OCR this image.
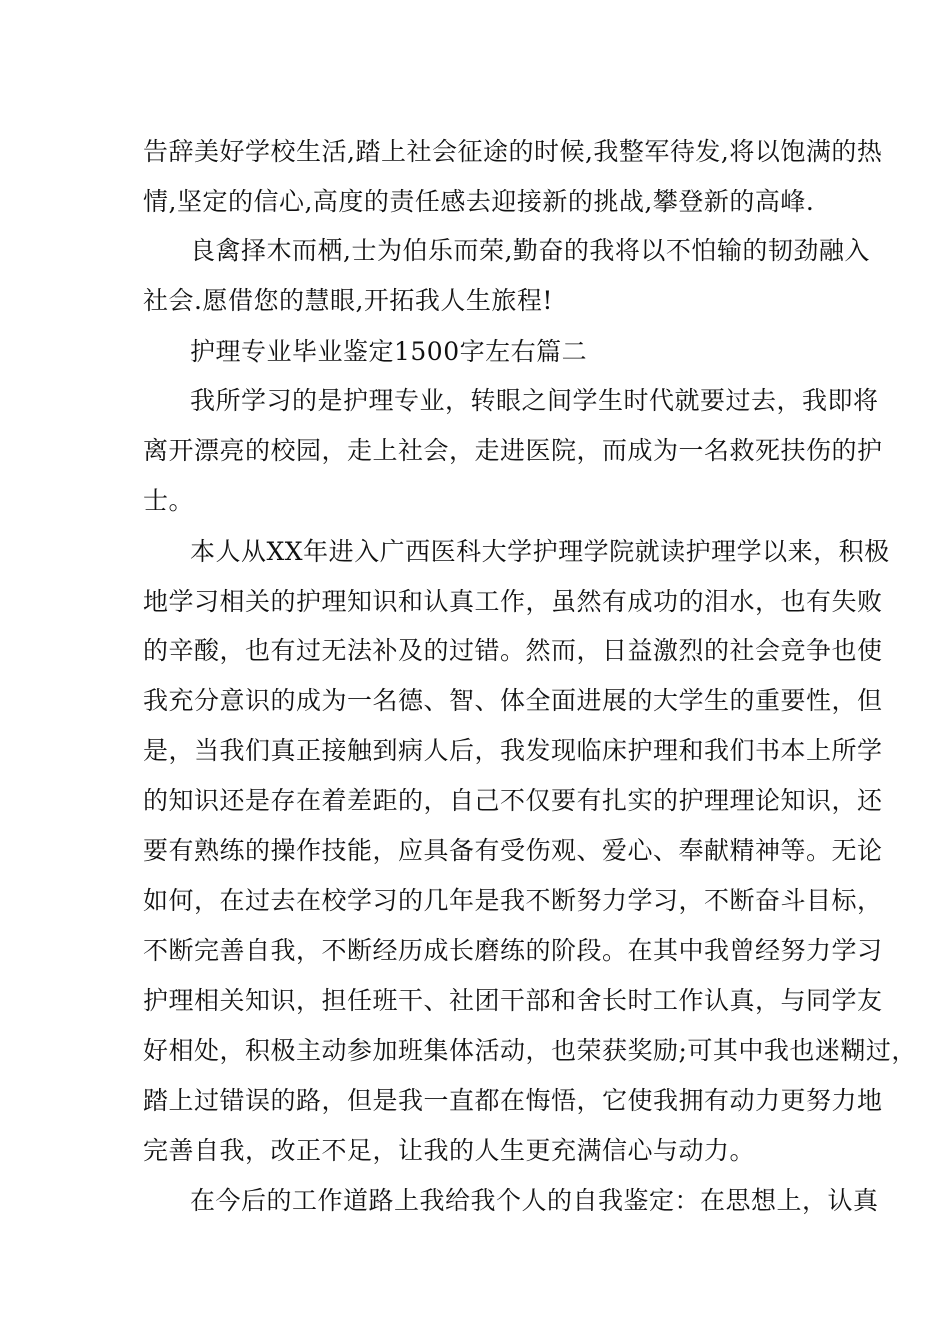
告辞美好学校生活,踏上社会征途的时候,我整军待发,将以饱满的热
情,坚定的信心,高度的责任感去迎接新的挑战,攀登新的高峰.
良禽择木而栖,士为伯乐而荣,勤奋的我将以不怕输的韧劲融入
社会.愿借您的慧眼,开拓我人生旅程!
护理专业毕业鉴定1500字左右篇二
我所学习的是护理专业，转眼之间学生时代就要过去，我即将
离开漂亮的校园，走上社会，走进医院，而成为一名救死扶伤的护
士。
本人从XX年进入广西医科大学护理学院就读护理学以来，积极
地学习相关的护理知识和认真工作，虽然有成功的泪水，也有失败
的辛酸，也有过无法补及的过错。然而，日益激烈的社会竞争也使
我充分意识的成为一名德、智、体全面进展的大学生的重要性，但
是，当我们真正接触到病人后，我发现临床护理和我们书本上所学
的知识还是存在着差距的，自己不仅要有扎实的护理理论知识，还
要有熟练的操作技能，应具备有受伤观、爱心、奉献精神等。无论
如何，在过去在校学习的几年是我不断努力学习，不断奋斗目标，
不断完善自我，不断经历成长磨练的阶段。在其中我曾经努力学习
护理相关知识，担任班干、社团干部和舍长时工作认真，与同学友
好相处，积极主动参加班集体活动，也荣获奖励;可其中我也迷糊过，
踏上过错误的路，但是我一直都在悔悟，它使我拥有动力更努力地
完善自我，改正不足，让我的人生更充满信心与动力。
在今后的工作道路上我给我个人的自我鉴定：在思想上，认真
